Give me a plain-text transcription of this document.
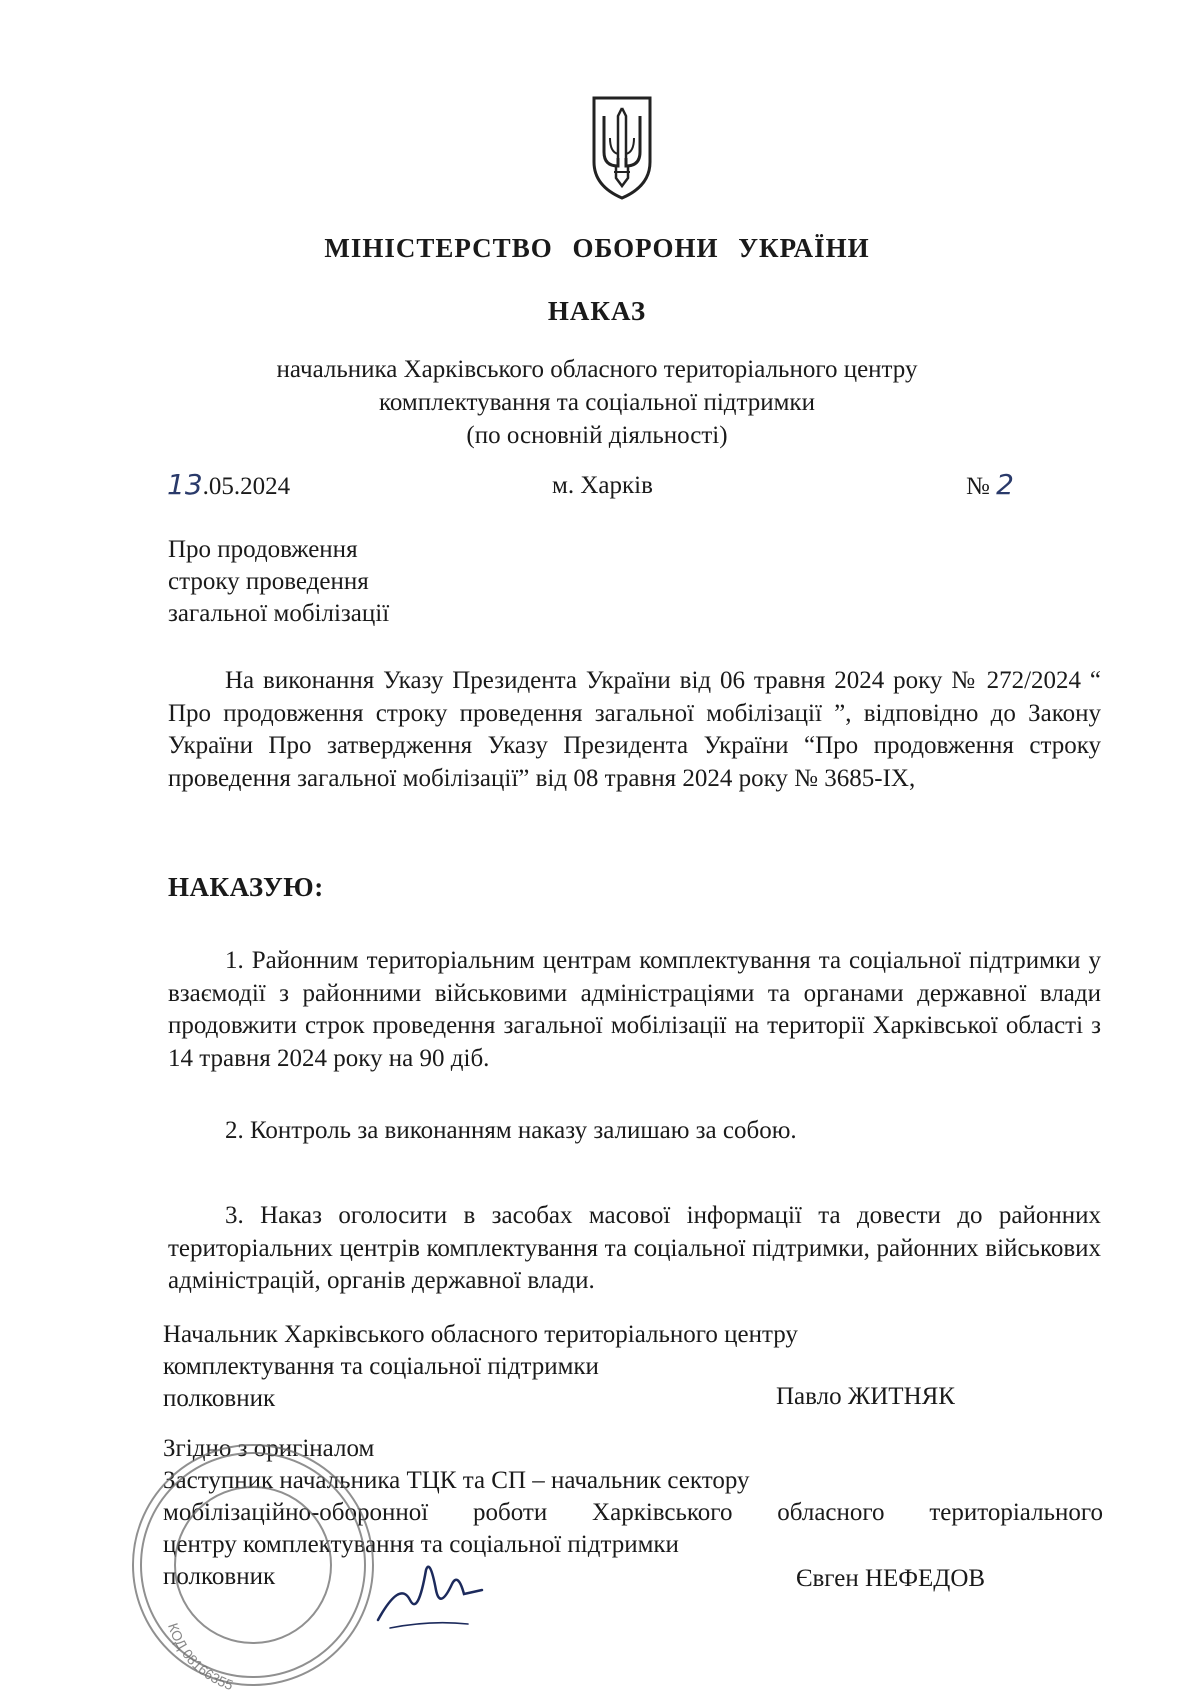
МІНІСТЕРСТВО ОБОРОНИ УКРАЇНИ
НАКАЗ
начальника Харківського обласного територіального центру
комплектування та соціальної підтримки
(по основній діяльності)
13.05.2024	м. Харків	№ 2
Про продовження
строку проведення
загальної мобілізації
На виконання Указу Президента України від 06 травня 2024 року № 272/2024 “ Про продовження строку проведення загальної мобілізації ”, відповідно до Закону України Про затвердження Указу Президента України “Про продовження строку проведення загальної мобілізації” від 08 травня 2024 року № 3685-IX,
НАКАЗУЮ:
1. Районним територіальним центрам комплектування та соціальної підтримки у взаємодії з районними військовими адміністраціями та органами державної влади продовжити строк проведення загальної мобілізації на території Харківської області з 14 травня 2024 року на 90 діб.
2. Контроль за виконанням наказу залишаю за собою.
3. Наказ оголосити в засобах масової інформації та довести до районних територіальних центрів комплектування та соціальної підтримки, районних військових адміністрацій, органів державної влади.
Начальник Харківського обласного територіального центру
комплектування та соціальної підтримки
полковник	Павло ЖИТНЯК
Згідно з оригіналом
Заступник начальника ТЦК та СП – начальник сектору
мобілізаційно-оборонної роботи Харківського обласного територіального
центру комплектування та соціальної підтримки
полковник	Євген НЕФЕДОВ
КОД 08166355
